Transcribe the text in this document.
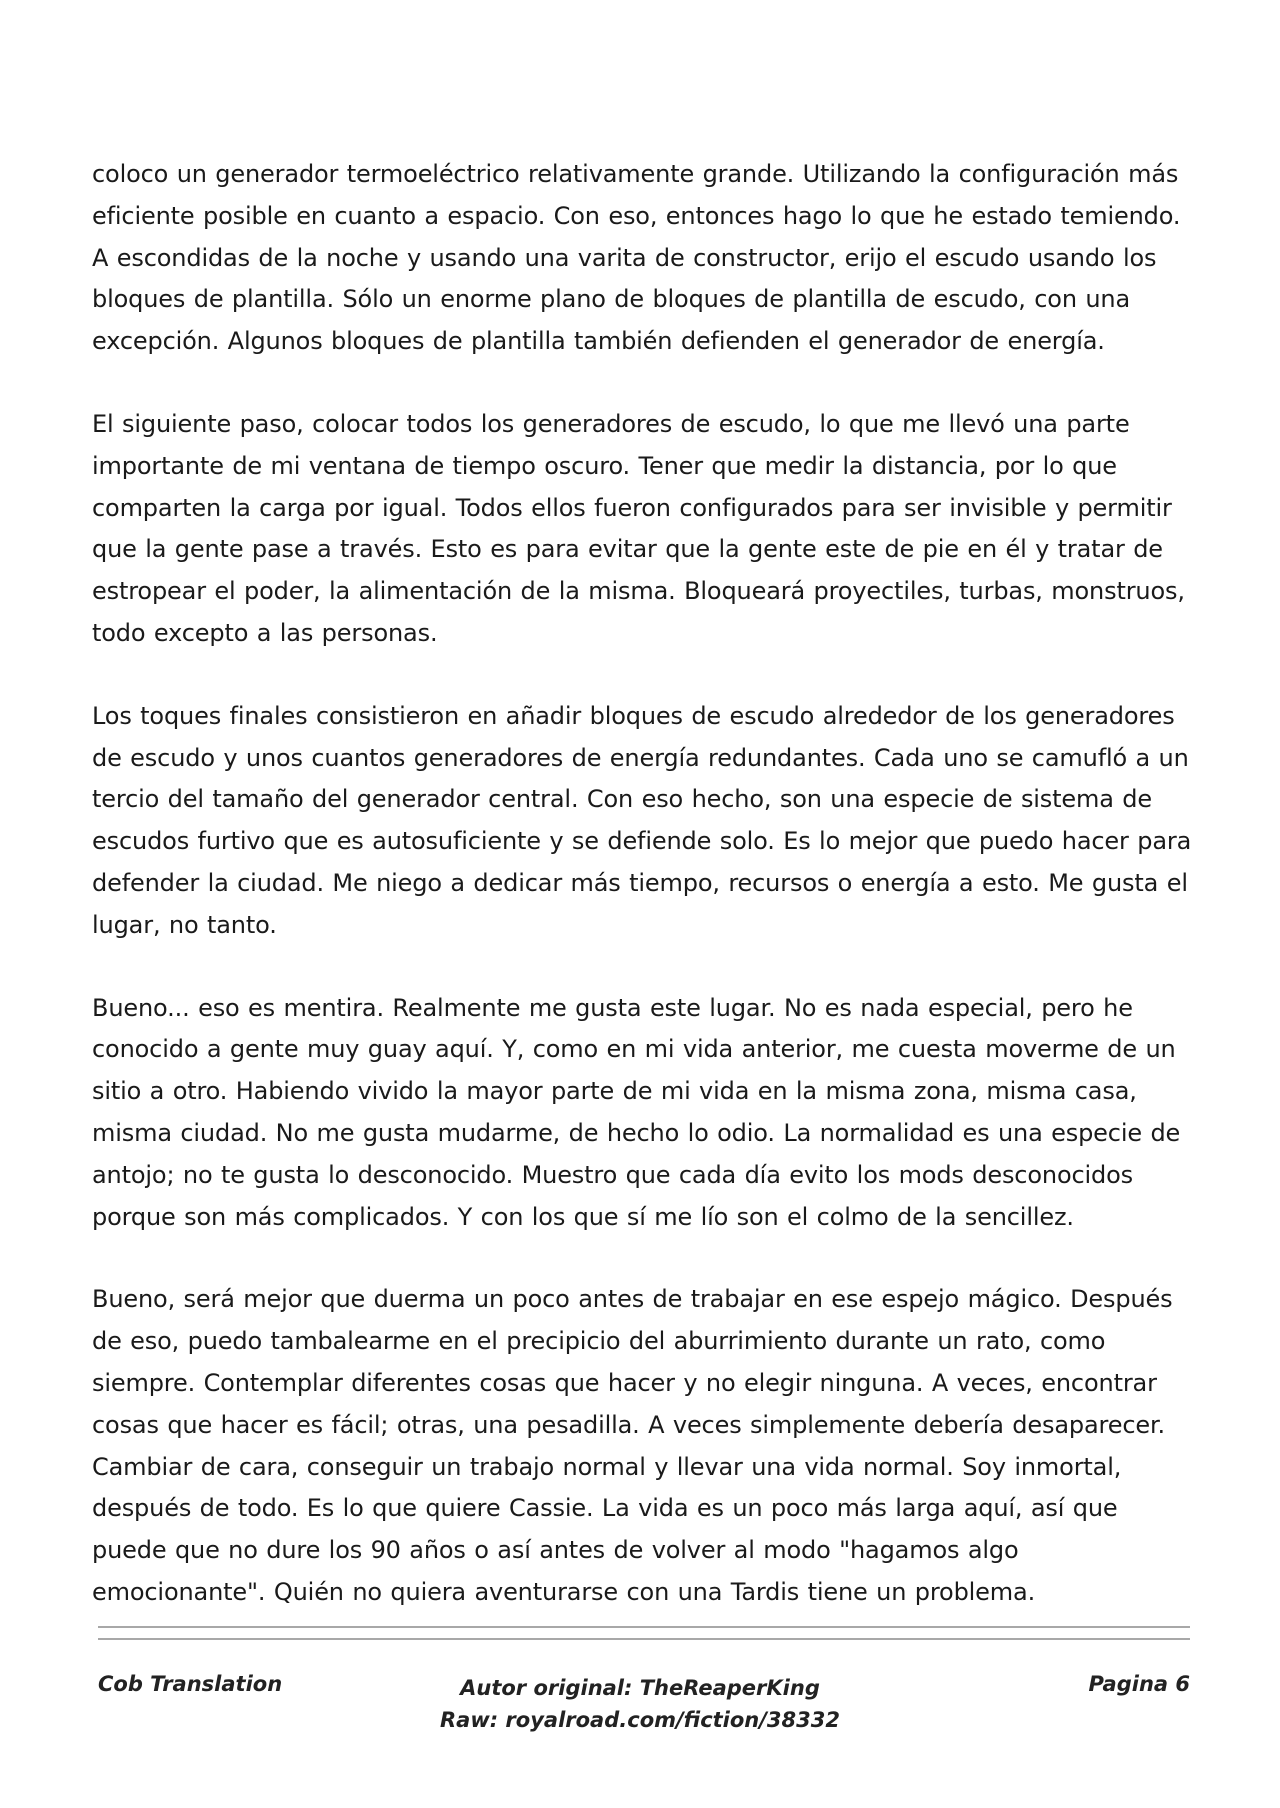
coloco un generador termoeléctrico relativamente grande. Utilizando la configuración más eficiente posible en cuanto a espacio. Con eso, entonces hago lo que he estado temiendo. A escondidas de la noche y usando una varita de constructor, erijo el escudo usando los bloques de plantilla. Sólo un enorme plano de bloques de plantilla de escudo, con una excepción. Algunos bloques de plantilla también defienden el generador de energía.

El siguiente paso, colocar todos los generadores de escudo, lo que me llevó una parte importante de mi ventana de tiempo oscuro. Tener que medir la distancia, por lo que comparten la carga por igual. Todos ellos fueron configurados para ser invisible y permitir que la gente pase a través. Esto es para evitar que la gente este de pie en él y tratar de estropear el poder, la alimentación de la misma. Bloqueará proyectiles, turbas, monstruos, todo excepto a las personas.

Los toques finales consistieron en añadir bloques de escudo alrededor de los generadores de escudo y unos cuantos generadores de energía redundantes. Cada uno se camufló a un tercio del tamaño del generador central. Con eso hecho, son una especie de sistema de escudos furtivo que es autosuficiente y se defiende solo. Es lo mejor que puedo hacer para defender la ciudad. Me niego a dedicar más tiempo, recursos o energía a esto. Me gusta el lugar, no tanto.

Bueno... eso es mentira. Realmente me gusta este lugar. No es nada especial, pero he conocido a gente muy guay aquí. Y, como en mi vida anterior, me cuesta moverme de un sitio a otro. Habiendo vivido la mayor parte de mi vida en la misma zona, misma casa, misma ciudad. No me gusta mudarme, de hecho lo odio. La normalidad es una especie de antojo; no te gusta lo desconocido. Muestro que cada día evito los mods desconocidos porque son más complicados. Y con los que sí me lío son el colmo de la sencillez.

Bueno, será mejor que duerma un poco antes de trabajar en ese espejo mágico. Después de eso, puedo tambalearme en el precipicio del aburrimiento durante un rato, como siempre. Contemplar diferentes cosas que hacer y no elegir ninguna. A veces, encontrar cosas que hacer es fácil; otras, una pesadilla. A veces simplemente debería desaparecer. Cambiar de cara, conseguir un trabajo normal y llevar una vida normal. Soy inmortal, después de todo. Es lo que quiere Cassie. La vida es un poco más larga aquí, así que puede que no dure los 90 años o así antes de volver al modo "hagamos algo emocionante". Quién no quiera aventurarse con una Tardis tiene un problema.

Cob Translation	Autor original: TheReaperKing
Raw: royalroad.com/fiction/38332
Pagina 6
